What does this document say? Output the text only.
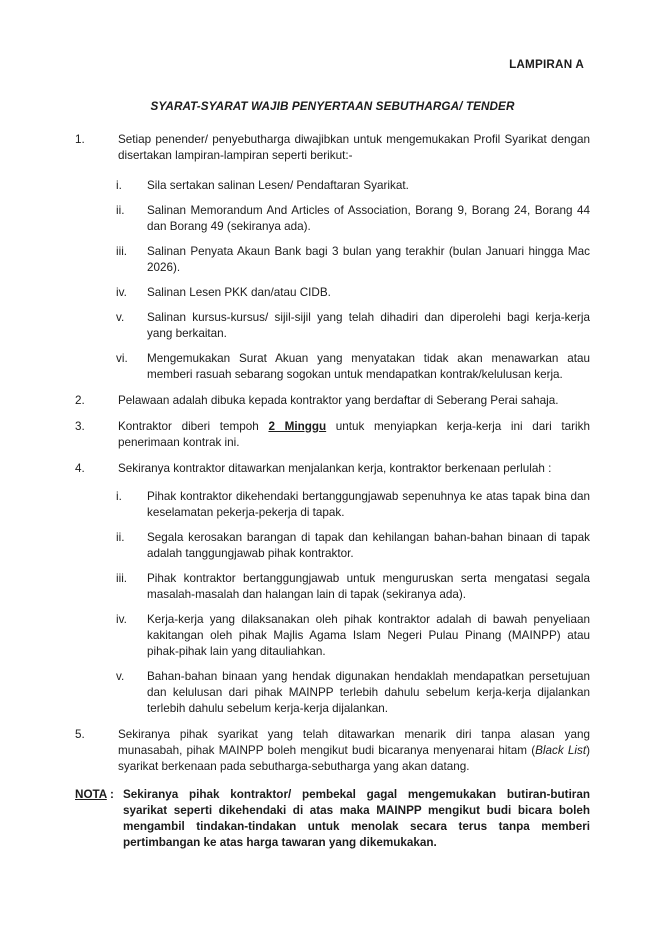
LAMPIRAN A
SYARAT-SYARAT WAJIB PENYERTAAN SEBUTHARGA/ TENDER
1.	Setiap penender/ penyebutharga diwajibkan untuk mengemukakan Profil Syarikat dengan disertakan lampiran-lampiran seperti berikut:-

i.	Sila sertakan salinan Lesen/ Pendaftaran Syarikat.

ii.	Salinan Memorandum And Articles of Association, Borang 9, Borang 24, Borang 44 dan Borang 49 (sekiranya ada).

iii.	Salinan Penyata Akaun Bank bagi 3 bulan yang terakhir (bulan Januari hingga Mac 2026).

iv.	Salinan Lesen PKK dan/atau CIDB.

v.	Salinan kursus-kursus/ sijil-sijil yang telah dihadiri dan diperolehi bagi kerja-kerja yang berkaitan.

vi.	Mengemukakan Surat Akuan yang menyatakan tidak akan menawarkan atau memberi rasuah sebarang sogokan untuk mendapatkan kontrak/kelulusan kerja.

2.	Pelawaan adalah dibuka kepada kontraktor yang berdaftar di Seberang Perai sahaja.

3.	Kontraktor diberi tempoh 2 Minggu untuk menyiapkan kerja-kerja ini dari tarikh penerimaan kontrak ini.

4.	Sekiranya kontraktor ditawarkan menjalankan kerja, kontraktor berkenaan perlulah :

i.	Pihak kontraktor dikehendaki bertanggungjawab sepenuhnya ke atas tapak bina dan keselamatan pekerja-pekerja di tapak.

ii.	Segala kerosakan barangan di tapak dan kehilangan bahan-bahan binaan di tapak adalah tanggungjawab pihak kontraktor.

iii.	Pihak kontraktor bertanggungjawab untuk menguruskan serta mengatasi segala masalah-masalah dan halangan lain di tapak (sekiranya ada).

iv.	Kerja-kerja yang dilaksanakan oleh pihak kontraktor adalah di bawah penyeliaan kakitangan oleh pihak Majlis Agama Islam Negeri Pulau Pinang (MAINPP) atau pihak-pihak lain yang ditauliahkan.

v.	Bahan-bahan binaan yang hendak digunakan hendaklah mendapatkan persetujuan dan kelulusan dari pihak MAINPP terlebih dahulu sebelum kerja-kerja dijalankan terlebih dahulu sebelum kerja-kerja dijalankan.

5.	Sekiranya pihak syarikat yang telah ditawarkan menarik diri tanpa alasan yang munasabah, pihak MAINPP boleh mengikut budi bicaranya menyenarai hitam (Black List) syarikat berkenaan pada sebutharga-sebutharga yang akan datang.

NOTA : Sekiranya pihak kontraktor/ pembekal gagal mengemukakan butiran-butiran syarikat seperti dikehendaki di atas maka MAINPP mengikut budi bicara boleh mengambil tindakan-tindakan untuk menolak secara terus tanpa memberi pertimbangan ke atas harga tawaran yang dikemukakan.
